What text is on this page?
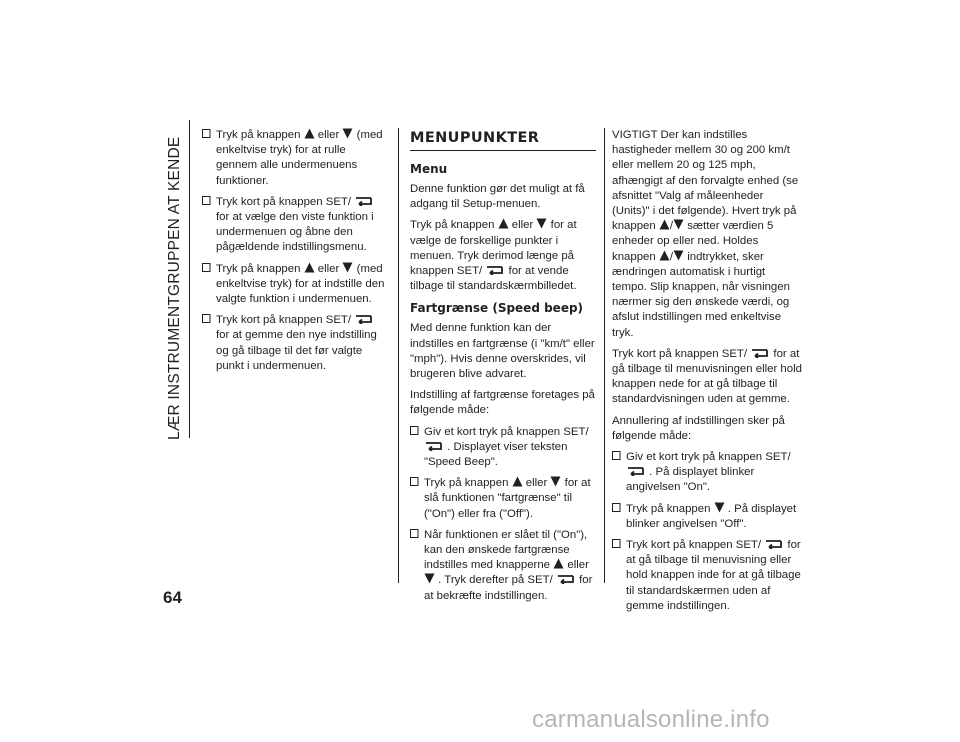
LÆR INSTRUMENTGRUPPEN AT KENDE
64
Tryk på knappen eller (med enkeltvise tryk) for at rulle gennem alle undermenuens funktioner.
Tryk kort på knappen SET/
for at vælge den viste funktion i undermenuen og åbne den pågældende indstillingsmenu.
Tryk på knappen eller (med enkeltvise tryk) for at indstille den valgte funktion i undermenuen.
Tryk kort på knappen SET/
for at gemme den nye indstilling og gå tilbage til det før valgte punkt i undermenuen.
MENUPUNKTER
Menu

Denne funktion gør det muligt at få adgang til Setup-menuen.

Tryk på knappen eller for at vælge de forskellige punkter i menuen. Tryk derimod længe på knappen SET/ for at vende tilbage til standardskærmbilledet.

Fartgrænse (Speed beep)

Med denne funktion kan der indstilles en fartgrænse (i "km/t" eller "mph"). Hvis denne overskrides, vil brugeren blive advaret.

Indstilling af fartgrænse foretages på følgende måde:

Giv et kort tryk på knappen SET/
. Displayet viser teksten "Speed Beep".
Tryk på knappen eller for at slå funktionen "fartgrænse" til ("On") eller fra ("Off").
Når funktionen er slået til ("On"), kan den ønskede fartgrænse indstilles med knapperne eller
. Tryk derefter på SET/ for at bekræfte indstillingen.

VIGTIGT Der kan indstilles hastigheder mellem 30 og 200 km/t eller mellem 20 og 125 mph, afhængigt af den forvalgte enhed (se afsnittet "Valg af måleenheder (Units)" i det følgende). Hvert tryk på knappen / sætter værdien 5 enheder op eller ned. Holdes knappen / indtrykket, sker ændringen automatisk i hurtigt tempo. Slip knappen, når visningen nærmer sig den ønskede værdi, og afslut indstillingen med enkeltvise tryk.

Tryk kort på knappen SET/ for at gå tilbage til menuvisningen eller hold knappen nede for at gå tilbage til standardvisningen uden at gemme.

Annullering af indstillingen sker på følgende måde:

Giv et kort tryk på knappen SET/
. På displayet blinker angivelsen "On".
Tryk på knappen . På displayet blinker angivelsen "Off".
Tryk kort på knappen SET/ for at gå tilbage til menuvisning eller hold knappen inde for at gå tilbage til standardskærmen uden af gemme indstillingen.
carmanualsonline.info
